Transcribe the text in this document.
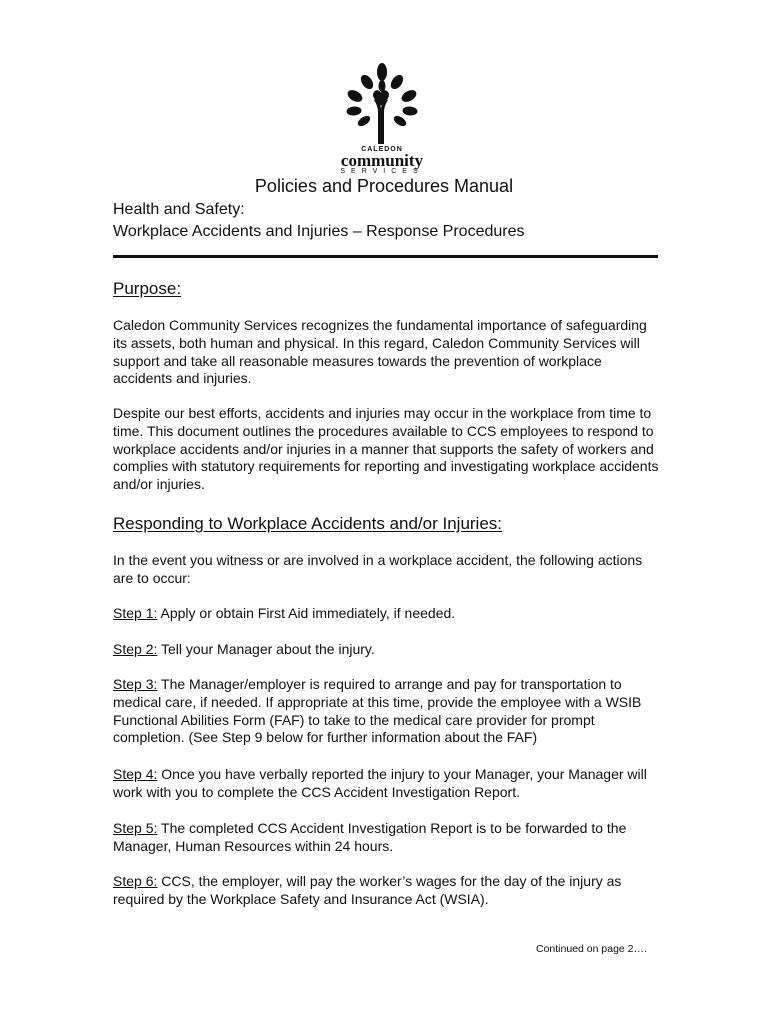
CALEDON
community
SERVICES
Policies and Procedures Manual
Health and Safety:
Workplace Accidents and Injuries – Response Procedures
Purpose:
Caledon Community Services recognizes the fundamental importance of safeguarding its assets, both human and physical. In this regard, Caledon Community Services will support and take all reasonable measures towards the prevention of workplace accidents and injuries.
Despite our best efforts, accidents and injuries may occur in the workplace from time to time. This document outlines the procedures available to CCS employees to respond to workplace accidents and/or injuries in a manner that supports the safety of workers and complies with statutory requirements for reporting and investigating workplace accidents and/or injuries.
Responding to Workplace Accidents and/or Injuries:
In the event you witness or are involved in a workplace accident, the following actions are to occur:
Step 1: Apply or obtain First Aid immediately, if needed.
Step 2: Tell your Manager about the injury.
Step 3: The Manager/employer is required to arrange and pay for transportation to medical care, if needed. If appropriate at this time, provide the employee with a WSIB Functional Abilities Form (FAF) to take to the medical care provider for prompt completion. (See Step 9 below for further information about the FAF)
Step 4: Once you have verbally reported the injury to your Manager, your Manager will work with you to complete the CCS Accident Investigation Report.
Step 5: The completed CCS Accident Investigation Report is to be forwarded to the Manager, Human Resources within 24 hours.
Step 6: CCS, the employer, will pay the worker’s wages for the day of the injury as required by the Workplace Safety and Insurance Act (WSIA).
Continued on page 2….
